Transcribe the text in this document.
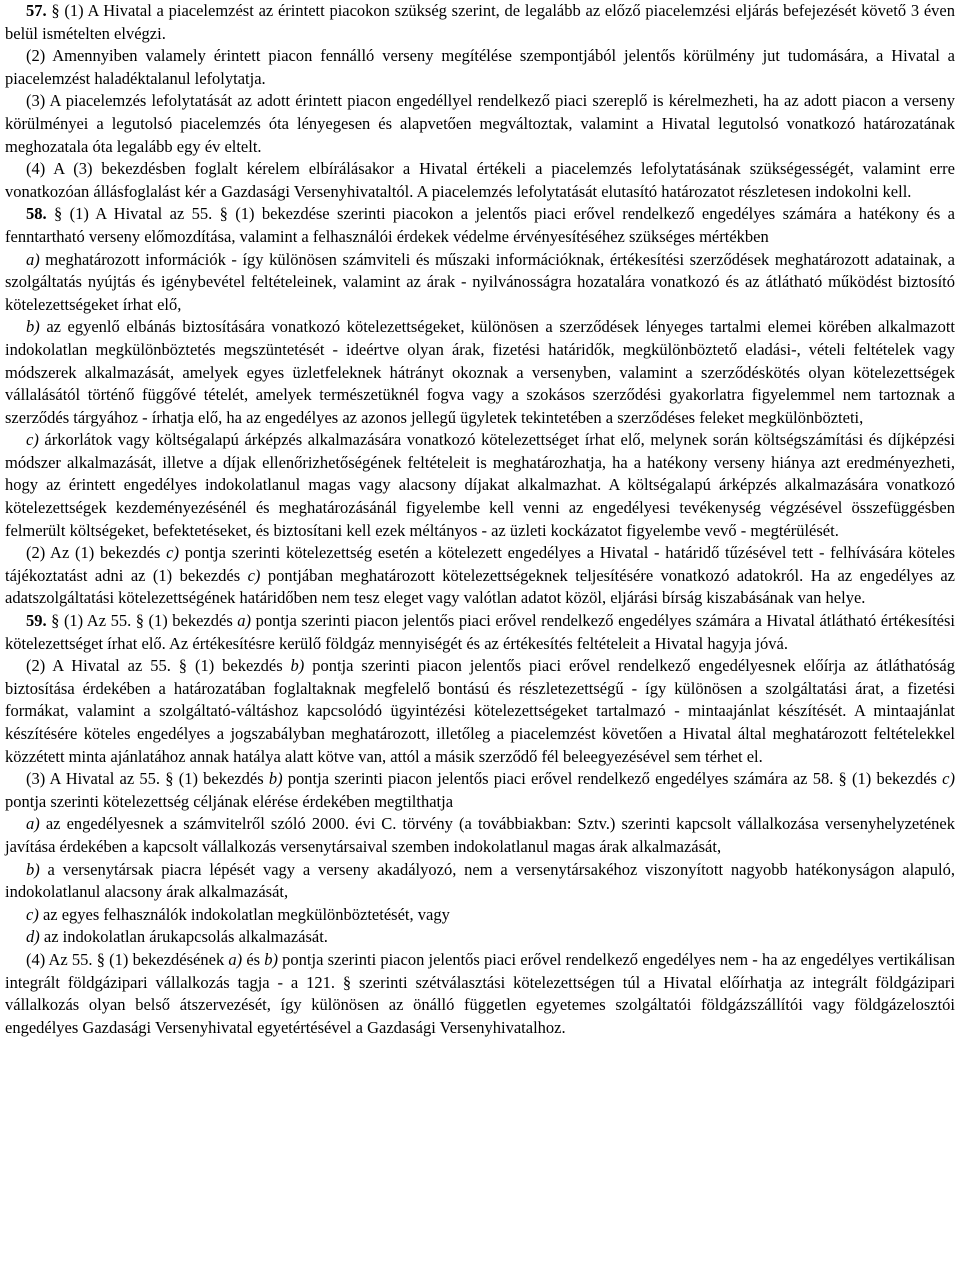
57. § (1) A Hivatal a piacelemzést az érintett piacokon szükség szerint, de legalább az előző piacelemzési eljárás befejezését követő 3 éven belül ismételten elvégzi.

(2) Amennyiben valamely érintett piacon fennálló verseny megítélése szempontjából jelentős körülmény jut tudomására, a Hivatal a piacelemzést haladéktalanul lefolytatja.

(3) A piacelemzés lefolytatását az adott érintett piacon engedéllyel rendelkező piaci szereplő is kérelmezheti, ha az adott piacon a verseny körülményei a legutolsó piacelemzés óta lényegesen és alapvetően megváltoztak, valamint a Hivatal legutolsó vonatkozó határozatának meghozatala óta legalább egy év eltelt.

(4) A (3) bekezdésben foglalt kérelem elbírálásakor a Hivatal értékeli a piacelemzés lefolytatásának szükségességét, valamint erre vonatkozóan állásfoglalást kér a Gazdasági Versenyhivataltól. A piacelemzés lefolytatását elutasító határozatot részletesen indokolni kell.

58. § (1) A Hivatal az 55. § (1) bekezdése szerinti piacokon a jelentős piaci erővel rendelkező engedélyes számára a hatékony és a fenntartható verseny előmozdítása, valamint a felhasználói érdekek védelme érvényesítéséhez szükséges mértékben

a) meghatározott információk - így különösen számviteli és műszaki információknak, értékesítési szerződések meghatározott adatainak, a szolgáltatás nyújtás és igénybevétel feltételeinek, valamint az árak - nyilvánosságra hozatalára vonatkozó és az átlátható működést biztosító kötelezettségeket írhat elő,

b) az egyenlő elbánás biztosítására vonatkozó kötelezettségeket, különösen a szerződések lényeges tartalmi elemei körében alkalmazott indokolatlan megkülönböztetés megszüntetését - ideértve olyan árak, fizetési határidők, megkülönböztető eladási-, vételi feltételek vagy módszerek alkalmazását, amelyek egyes üzletfeleknek hátrányt okoznak a versenyben, valamint a szerződéskötés olyan kötelezettségek vállalásától történő függővé tételét, amelyek természetüknél fogva vagy a szokásos szerződési gyakorlatra figyelemmel nem tartoznak a szerződés tárgyához - írhatja elő, ha az engedélyes az azonos jellegű ügyletek tekintetében a szerződéses feleket megkülönbözteti,

c) árkorlátok vagy költségalapú árképzés alkalmazására vonatkozó kötelezettséget írhat elő, melynek során költségszámítási és díjképzési módszer alkalmazását, illetve a díjak ellenőrizhetőségének feltételeit is meghatározhatja, ha a hatékony verseny hiánya azt eredményezheti, hogy az érintett engedélyes indokolatlanul magas vagy alacsony díjakat alkalmazhat. A költségalapú árképzés alkalmazására vonatkozó kötelezettségek kezdeményezésénél és meghatározásánál figyelembe kell venni az engedélyesi tevékenység végzésével összefüggésben felmerült költségeket, befektetéseket, és biztosítani kell ezek méltányos - az üzleti kockázatot figyelembe vevő - megtérülését.

(2) Az (1) bekezdés c) pontja szerinti kötelezettség esetén a kötelezett engedélyes a Hivatal - határidő tűzésével tett - felhívására köteles tájékoztatást adni az (1) bekezdés c) pontjában meghatározott kötelezettségeknek teljesítésére vonatkozó adatokról. Ha az engedélyes az adatszolgáltatási kötelezettségének határidőben nem tesz eleget vagy valótlan adatot közöl, eljárási bírság kiszabásának van helye.

59. § (1) Az 55. § (1) bekezdés a) pontja szerinti piacon jelentős piaci erővel rendelkező engedélyes számára a Hivatal átlátható értékesítési kötelezettséget írhat elő. Az értékesítésre kerülő földgáz mennyiségét és az értékesítés feltételeit a Hivatal hagyja jóvá.

(2) A Hivatal az 55. § (1) bekezdés b) pontja szerinti piacon jelentős piaci erővel rendelkező engedélyesnek előírja az átláthatóság biztosítása érdekében a határozatában foglaltaknak megfelelő bontású és részletezettségű - így különösen a szolgáltatási árat, a fizetési formákat, valamint a szolgáltató-váltáshoz kapcsolódó ügyintézési kötelezettségeket tartalmazó - mintaajánlat készítését. A mintaajánlat készítésére köteles engedélyes a jogszabályban meghatározott, illetőleg a piacelemzést követően a Hivatal által meghatározott feltételekkel közzétett minta ajánlatához annak hatálya alatt kötve van, attól a másik szerződő fél beleegyezésével sem térhet el.

(3) A Hivatal az 55. § (1) bekezdés b) pontja szerinti piacon jelentős piaci erővel rendelkező engedélyes számára az 58. § (1) bekezdés c) pontja szerinti kötelezettség céljának elérése érdekében megtilthatja

a) az engedélyesnek a számvitelről szóló 2000. évi C. törvény (a továbbiakban: Sztv.) szerinti kapcsolt vállalkozása versenyhelyzetének javítása érdekében a kapcsolt vállalkozás versenytársaival szemben indokolatlanul magas árak alkalmazását,

b) a versenytársak piacra lépését vagy a verseny akadályozó, nem a versenytársakéhoz viszonyított nagyobb hatékonyságon alapuló, indokolatlanul alacsony árak alkalmazását,

c) az egyes felhasználók indokolatlan megkülönböztetését, vagy

d) az indokolatlan árukapcsolás alkalmazását.

(4) Az 55. § (1) bekezdésének a) és b) pontja szerinti piacon jelentős piaci erővel rendelkező engedélyes nem - ha az engedélyes vertikálisan integrált földgázipari vállalkozás tagja - a 121. § szerinti szétválasztási kötelezettségen túl a Hivatal előírhatja az integrált földgázipari vállalkozás olyan belső átszervezését, így különösen az önálló független egyetemes szolgáltatói földgázszállítói vagy földgázelosztói engedélyes Gazdasági Versenyhivatal egyetértésével a Gazdasági Versenyhivatalhoz.
